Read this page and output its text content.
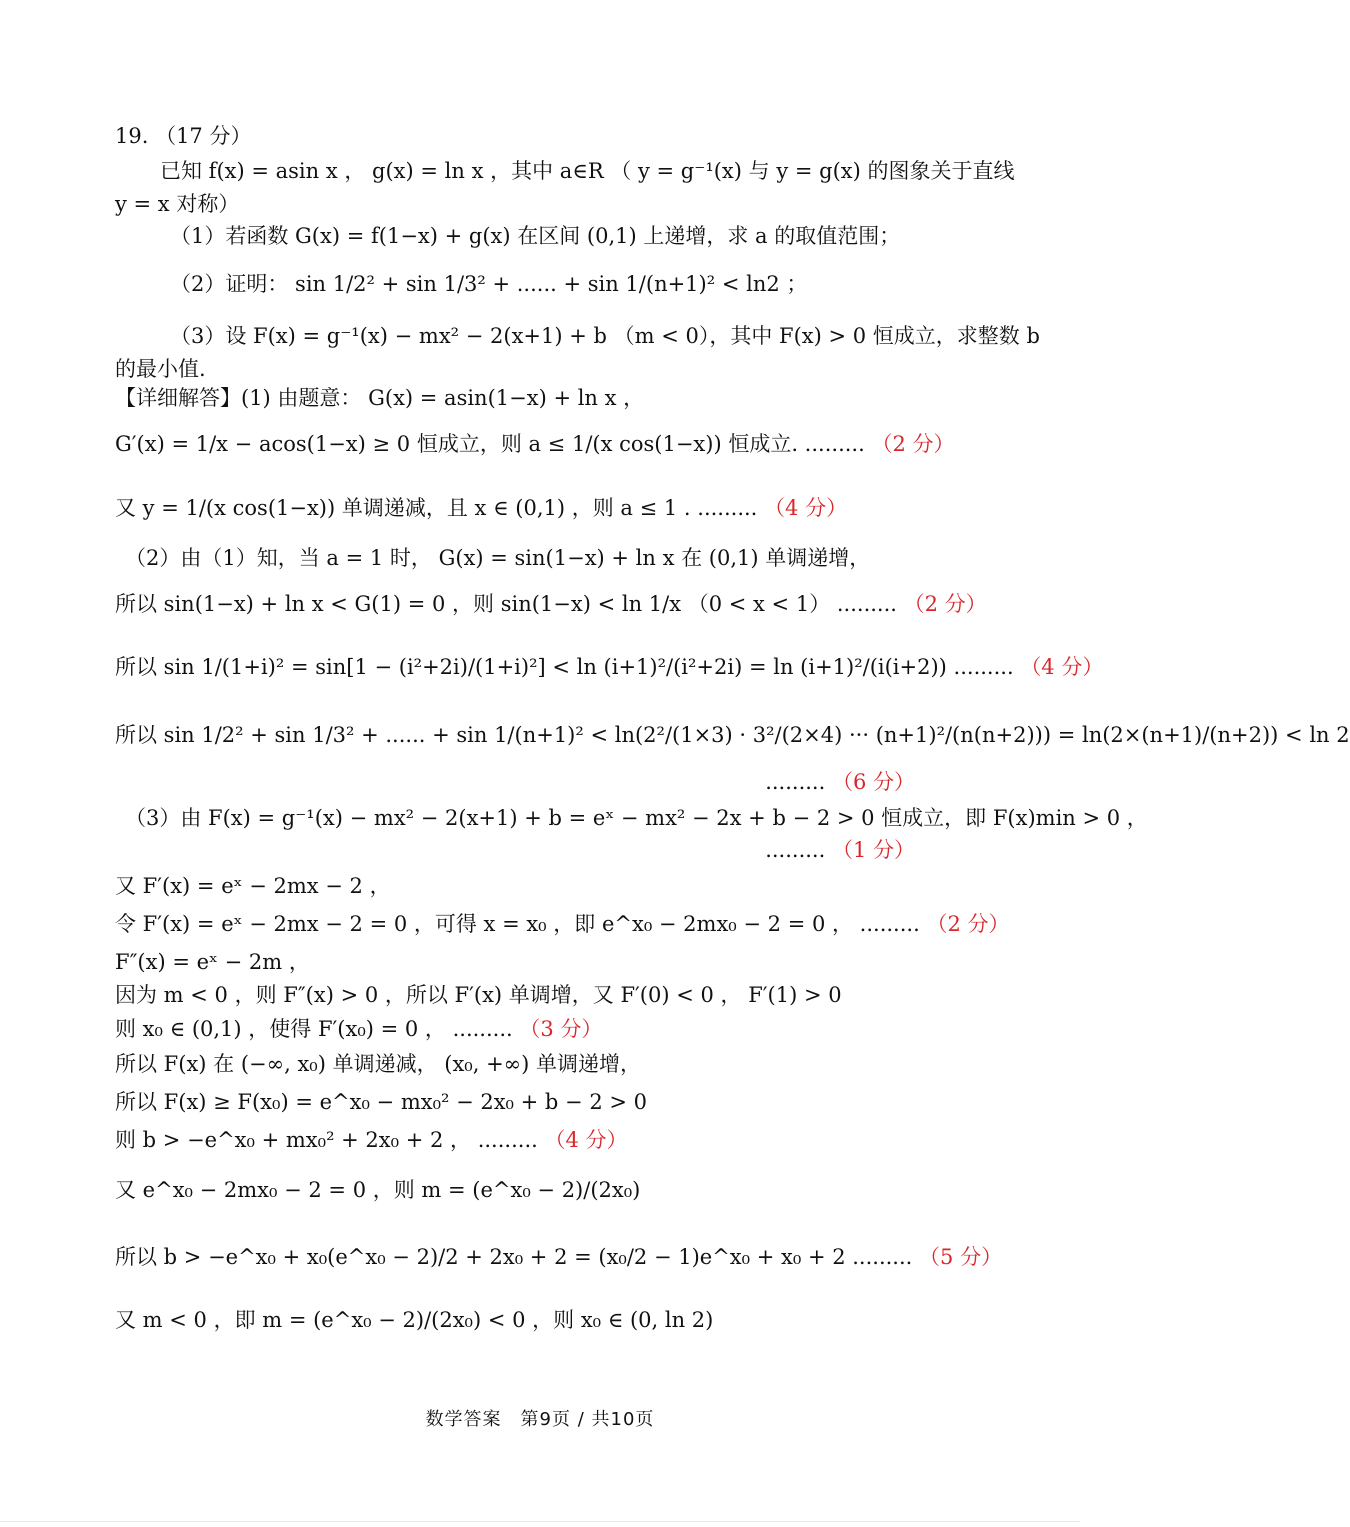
19. （17 分）
已知 f(x) = asin x ， g(x) = ln x ，其中 a∈R （ y = g⁻¹(x) 与 y = g(x) 的图象关于直线
y = x 对称）
（1）若函数 G(x) = f(1−x) + g(x) 在区间 (0,1) 上递增，求 a 的取值范围；
（2）证明： sin 1/2² + sin 1/3² + ...... + sin 1/(n+1)² < ln2 ；
（3）设 F(x) = g⁻¹(x) − mx² − 2(x+1) + b （m < 0），其中 F(x) > 0 恒成立，求整数 b
的最小值.
【详细解答】(1) 由题意： G(x) = asin(1−x) + ln x ，
G′(x) = 1/x − acos(1−x) ≥ 0 恒成立，则 a ≤ 1/(x cos(1−x)) 恒成立. ......... （2 分）
又 y = 1/(x cos(1−x)) 单调递减，且 x ∈ (0,1) ，则 a ≤ 1 . ......... （4 分）
（2）由（1）知，当 a = 1 时， G(x) = sin(1−x) + ln x 在 (0,1) 单调递增，
所以 sin(1−x) + ln x < G(1) = 0 ，则 sin(1−x) < ln 1/x （0 < x < 1） ......... （2 分）
所以 sin 1/(1+i)² = sin[1 − (i²+2i)/(1+i)²] < ln (i+1)²/(i²+2i) = ln (i+1)²/(i(i+2)) ......... （4 分）
所以 sin 1/2² + sin 1/3² + ...... + sin 1/(n+1)² < ln(2²/(1×3) · 3²/(2×4) ··· (n+1)²/(n(n+2))) = ln(2×(n+1)/(n+2)) < ln 2
......... （6 分）
（3）由 F(x) = g⁻¹(x) − mx² − 2(x+1) + b = eˣ − mx² − 2x + b − 2 > 0 恒成立，即 F(x)min > 0 ，
......... （1 分）
又 F′(x) = eˣ − 2mx − 2 ，
令 F′(x) = eˣ − 2mx − 2 = 0 ，可得 x = x₀ ，即 e^x₀ − 2mx₀ − 2 = 0 ， ......... （2 分）
F″(x) = eˣ − 2m ，
因为 m < 0 ，则 F″(x) > 0 ，所以 F′(x) 单调增，又 F′(0) < 0 ， F′(1) > 0
则 x₀ ∈ (0,1) ，使得 F′(x₀) = 0 ， ......... （3 分）
所以 F(x) 在 (−∞, x₀) 单调递减， (x₀, +∞) 单调递增，
所以 F(x) ≥ F(x₀) = e^x₀ − mx₀² − 2x₀ + b − 2 > 0
则 b > −e^x₀ + mx₀² + 2x₀ + 2 ， ......... （4 分）
又 e^x₀ − 2mx₀ − 2 = 0 ，则 m = (e^x₀ − 2)/(2x₀)
所以 b > −e^x₀ + x₀(e^x₀ − 2)/2 + 2x₀ + 2 = (x₀/2 − 1)e^x₀ + x₀ + 2 ......... （5 分）
又 m < 0 ，即 m = (e^x₀ − 2)/(2x₀) < 0 ，则 x₀ ∈ (0, ln 2)
数学答案　第9页 / 共10页
